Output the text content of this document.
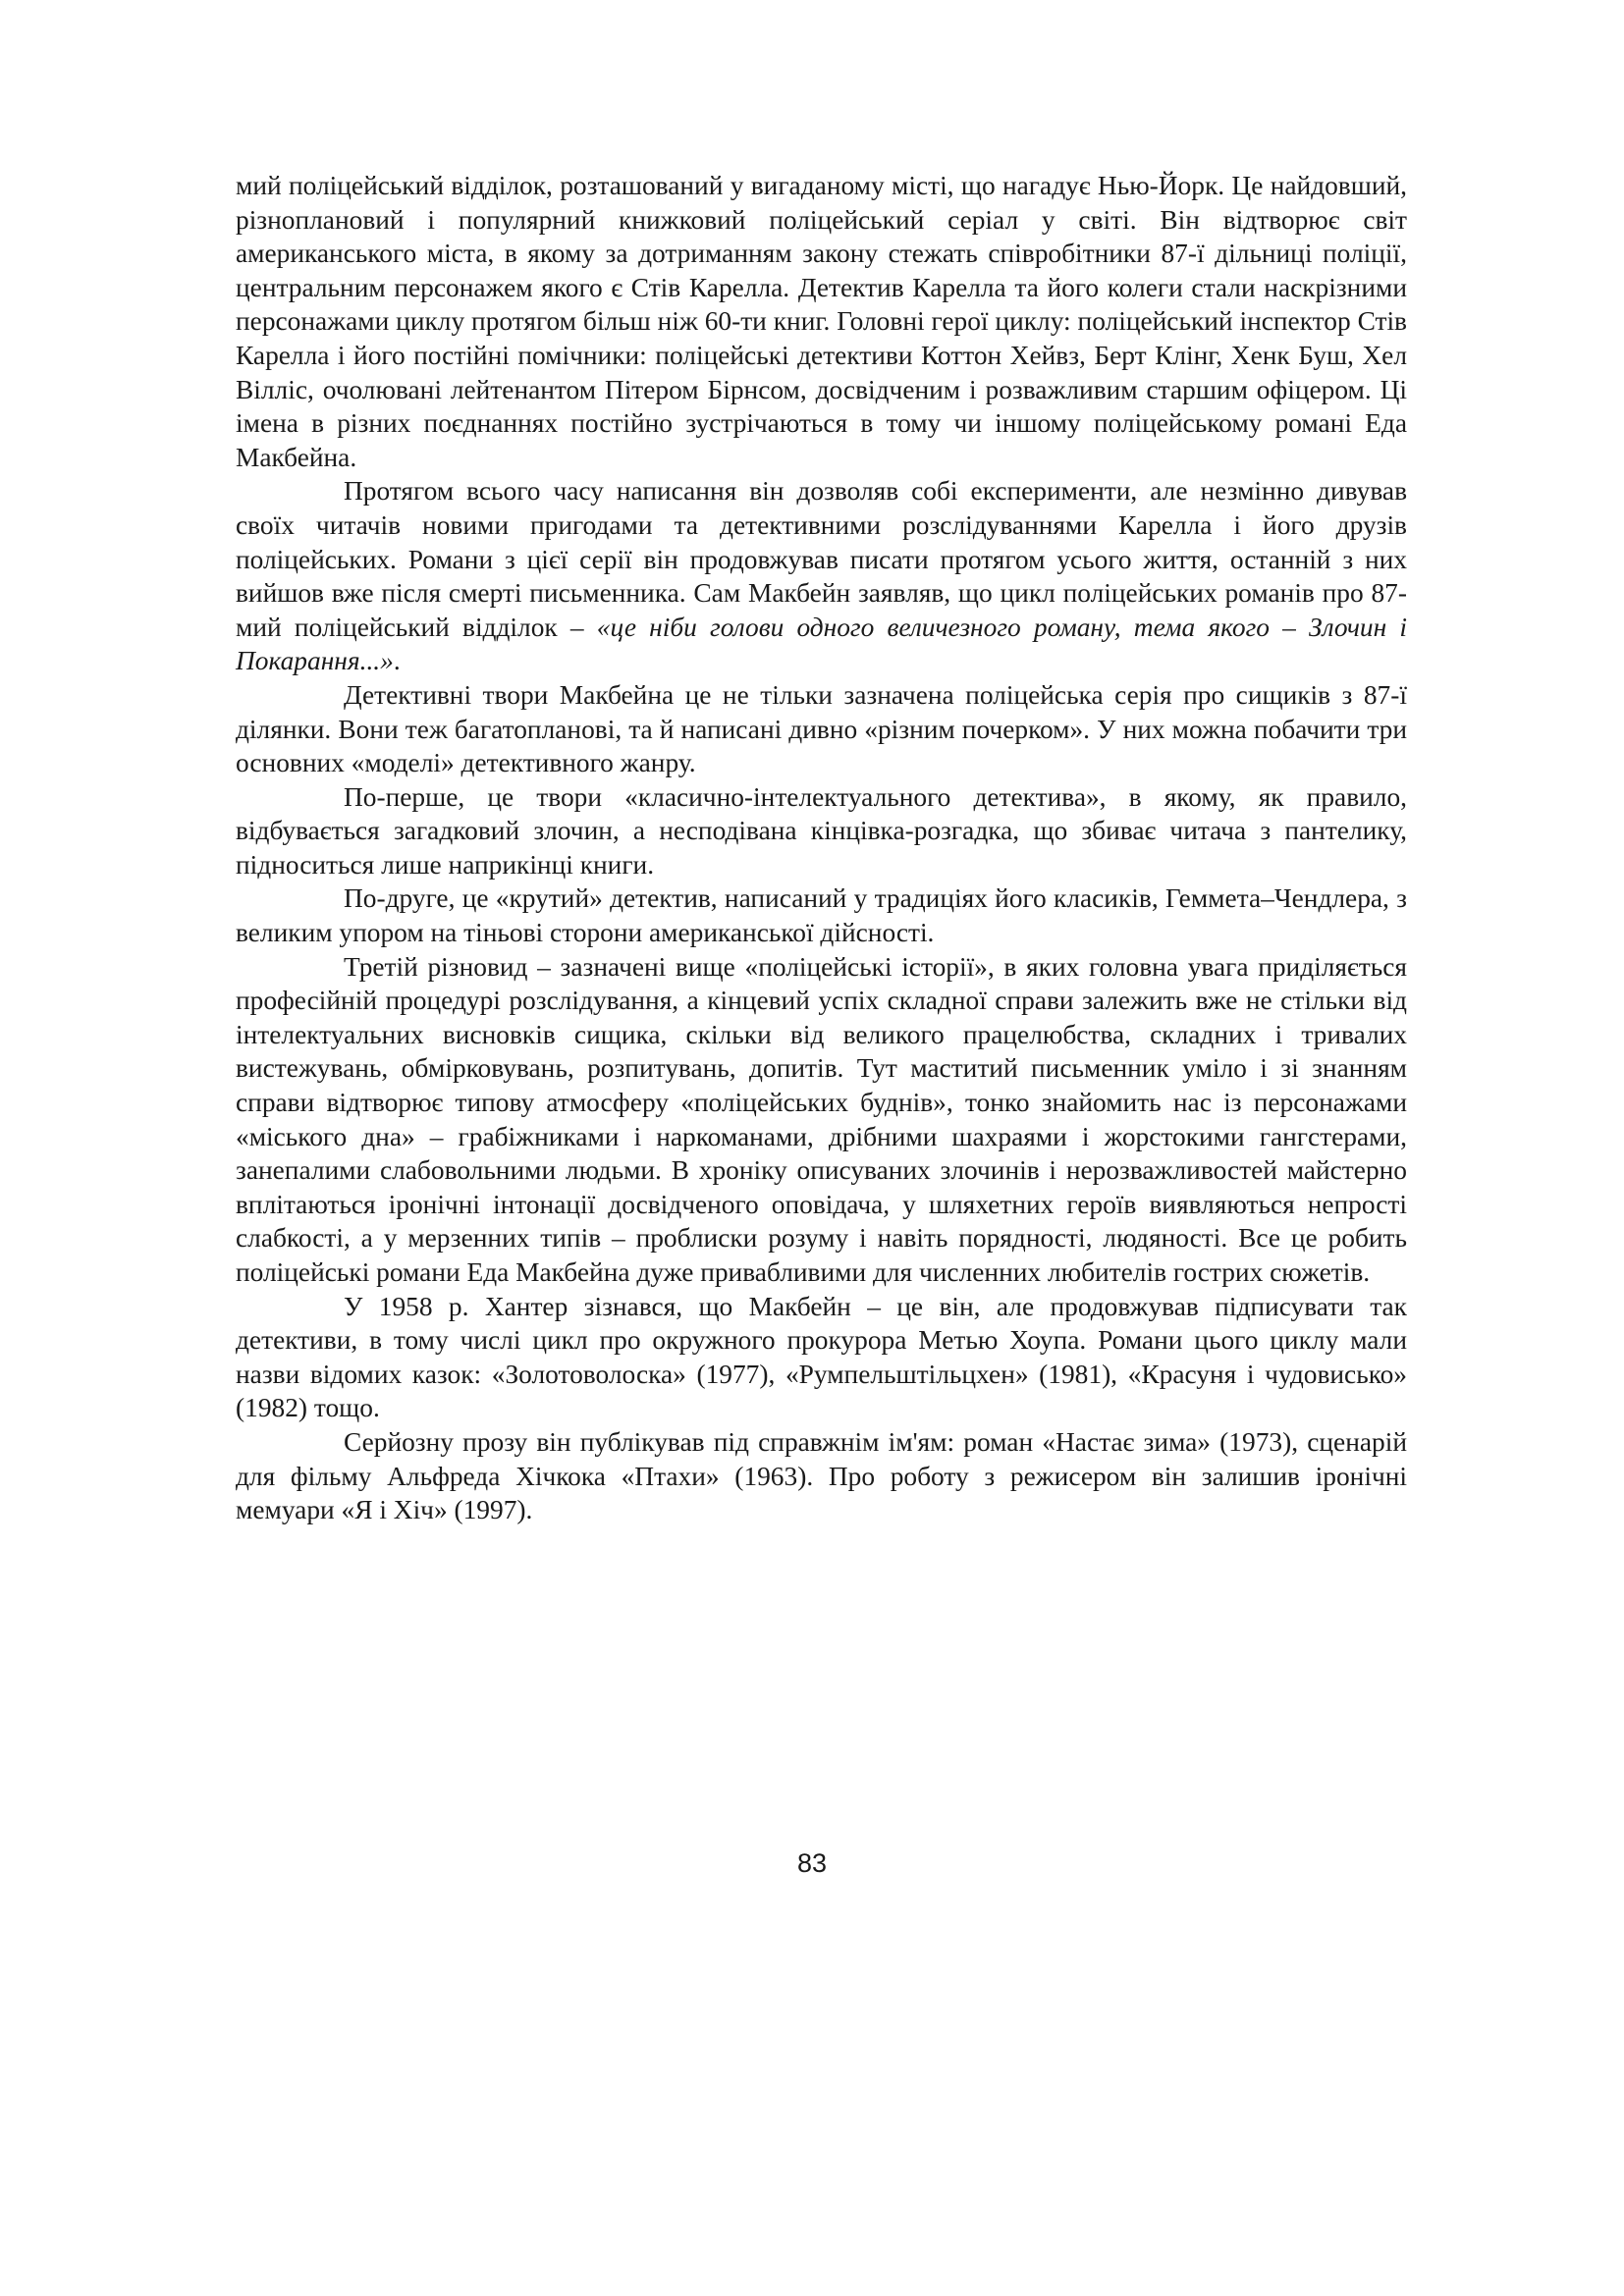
мий поліцейський відділок, розташований у вигаданому місті, що нагадує Нью-Йорк. Це найдовший, різноплановий і популярний книжковий поліцейський серіал у світі. Він відтворює світ американського міста, в якому за дотриманням закону стежать співробітники 87-ї дільниці поліції, центральним персонажем якого є Стів Карелла. Детектив Карелла та його колеги стали наскрізними персонажами циклу протягом більш ніж 60-ти книг. Головні герої циклу: поліцейський інспектор Стів Карелла і його постійні помічники: поліцейські детективи Коттон Хейвз, Берт Клінг, Хенк Буш, Хел Вілліс, очолювані лейтенантом Пітером Бірнсом, досвідченим і розважливим старшим офіцером. Ці імена в різних поєднаннях постійно зустрічаються в тому чи іншому поліцейському романі Еда Макбейна.

Протягом всього часу написання він дозволяв собі експерименти, але незмінно дивував своїх читачів новими пригодами та детективними розслідуваннями Карелла і його друзів поліцейських. Романи з цієї серії він продовжував писати протягом усього життя, останній з них вийшов вже після смерті письменника. Сам Макбейн заявляв, що цикл поліцейських романів про 87-мий поліцейський відділок – «це ніби голови одного величезного роману, тема якого – Злочин і Покарання...».

Детективні твори Макбейна це не тільки зазначена поліцейська серія про сищиків з 87-ї ділянки. Вони теж багатопланові, та й написані дивно «різним почерком». У них можна побачити три основних «моделі» детективного жанру.

По-перше, це твори «класично-інтелектуального детектива», в якому, як правило, відбувається загадковий злочин, а несподівана кінцівка-розгадка, що збиває читача з пантелику, підноситься лише наприкінці книги.

По-друге, це «крутий» детектив, написаний у традиціях його класиків, Геммета–Чендлера, з великим упором на тіньові сторони американської дійсності.

Третій різновид – зазначені вище «поліцейські історії», в яких головна увага приділяється професійній процедурі розслідування, а кінцевий успіх складної справи залежить вже не стільки від інтелектуальних висновків сищика, скільки від великого працелюбства, складних і тривалих вистежувань, обмірковувань, розпитувань, допитів. Тут маститий письменник уміло і зі знанням справи відтворює типову атмосферу «поліцейських буднів», тонко знайомить нас із персонажами «міського дна» – грабіжниками і наркоманами, дрібними шахраями і жорстокими гангстерами, занепалими слабовольними людьми. В хроніку описуваних злочинів і нерозважливостей майстерно вплітаються іронічні інтонації досвідченого оповідача, у шляхетних героїв виявляються непрості слабкості, а у мерзенних типів – проблиски розуму і навіть порядності, людяності. Все це робить поліцейські романи Еда Макбейна дуже привабливими для численних любителів гострих сюжетів.

У 1958 р. Хантер зізнався, що Макбейн – це він, але продовжував підписувати так детективи, в тому числі цикл про окружного прокурора Метью Хоупа. Романи цього циклу мали назви відомих казок: «Золотоволоска» (1977), «Румпельштільцхен» (1981), «Красуня і чудовисько» (1982) тощо.

Серйозну прозу він публікував під справжнім ім'ям: роман «Настає зима» (1973), сценарій для фільму Альфреда Хічкока «Птахи» (1963). Про роботу з режисером він залишив іронічні мемуари «Я і Хіч» (1997).

83
